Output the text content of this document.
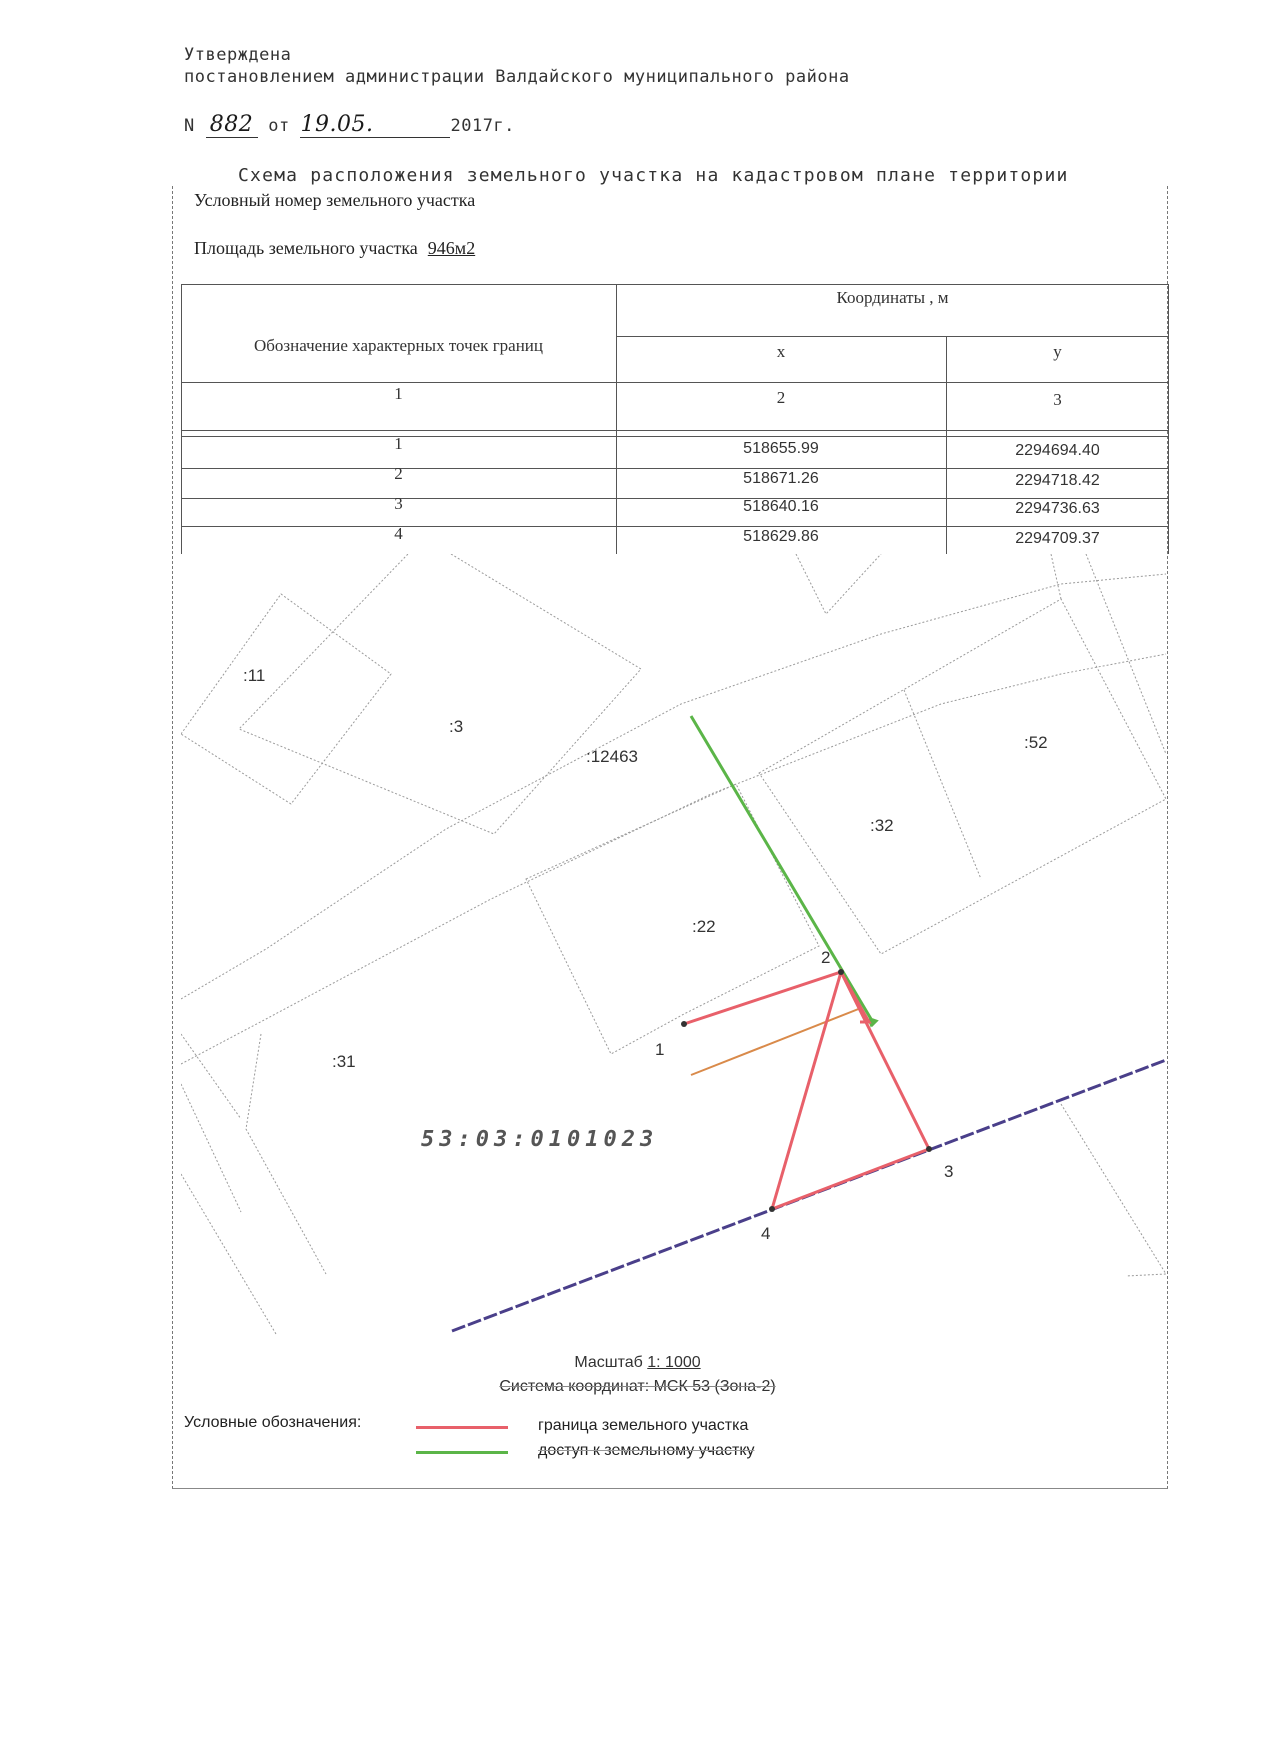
Утверждена
постановлением администрации Валдайского муниципального района
N 882 от 19.05.	2017г.
Схема расположения земельного участка на кадастровом плане территории
Условный номер земельного участка
Площадь земельного участка 946м2
Обозначение характерных точек границ
Координаты , м
x	y
1	2	3
1	518655.99	2294694.40
2	518671.26	2294718.42
3	518640.16	2294736.63
4	518629.86	2294709.37
:11
:3
:12463
:52
:32
:22
:31
1
2
3
4
53:03:0101023
Масштаб 1: 1000
Система координат: МСК 53 (Зона-2)
Условные обозначения:	граница земельного участка
доступ к земельному участку
